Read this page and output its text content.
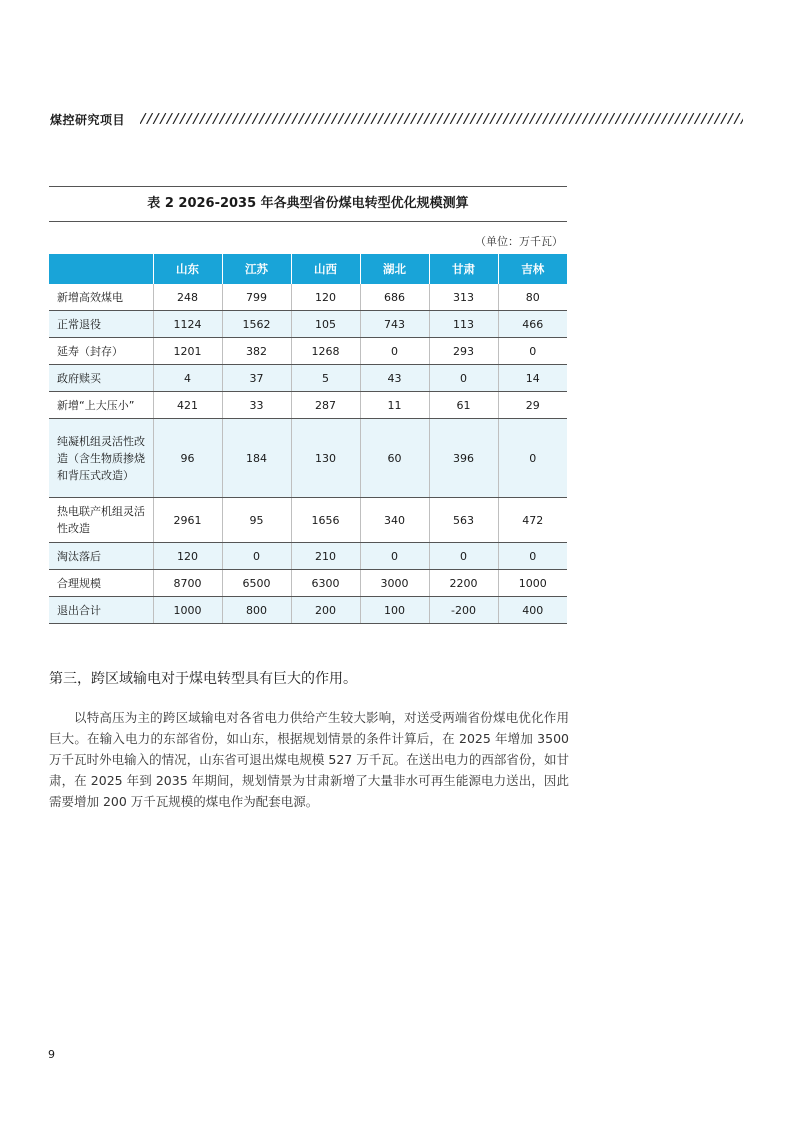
煤控研究项目
表 2 2026-2035 年各典型省份煤电转型优化规模测算
（单位：万千瓦）
	山东	江苏	山西	湖北	甘肃	吉林
新增高效煤电	248	799	120	686	313	80
正常退役	1124	1562	105	743	113	466
延寿（封存）	1201	382	1268	0	293	0
政府赎买	4	37	5	43	0	14
新增“上大压小”	421	33	287	11	61	29
纯凝机组灵活性改造（含生物质掺烧和背压式改造）	96	184	130	60	396	0
热电联产机组灵活性改造	2961	95	1656	340	563	472
淘汰落后	120	0	210	0	0	0
合理规模	8700	6500	6300	3000	2200	1000
退出合计	1000	800	200	100	-200	400
第三，跨区域输电对于煤电转型具有巨大的作用。
以特高压为主的跨区域输电对各省电力供给产生较大影响，对送受两端省份煤电优化作用巨大。在输入电力的东部省份，如山东，根据规划情景的条件计算后，在 2025 年增加 3500 万千瓦时外电输入的情况，山东省可退出煤电规模 527 万千瓦。在送出电力的西部省份，如甘肃，在 2025 年到 2035 年期间，规划情景为甘肃新增了大量非水可再生能源电力送出，因此需要增加 200 万千瓦规模的煤电作为配套电源。
9
